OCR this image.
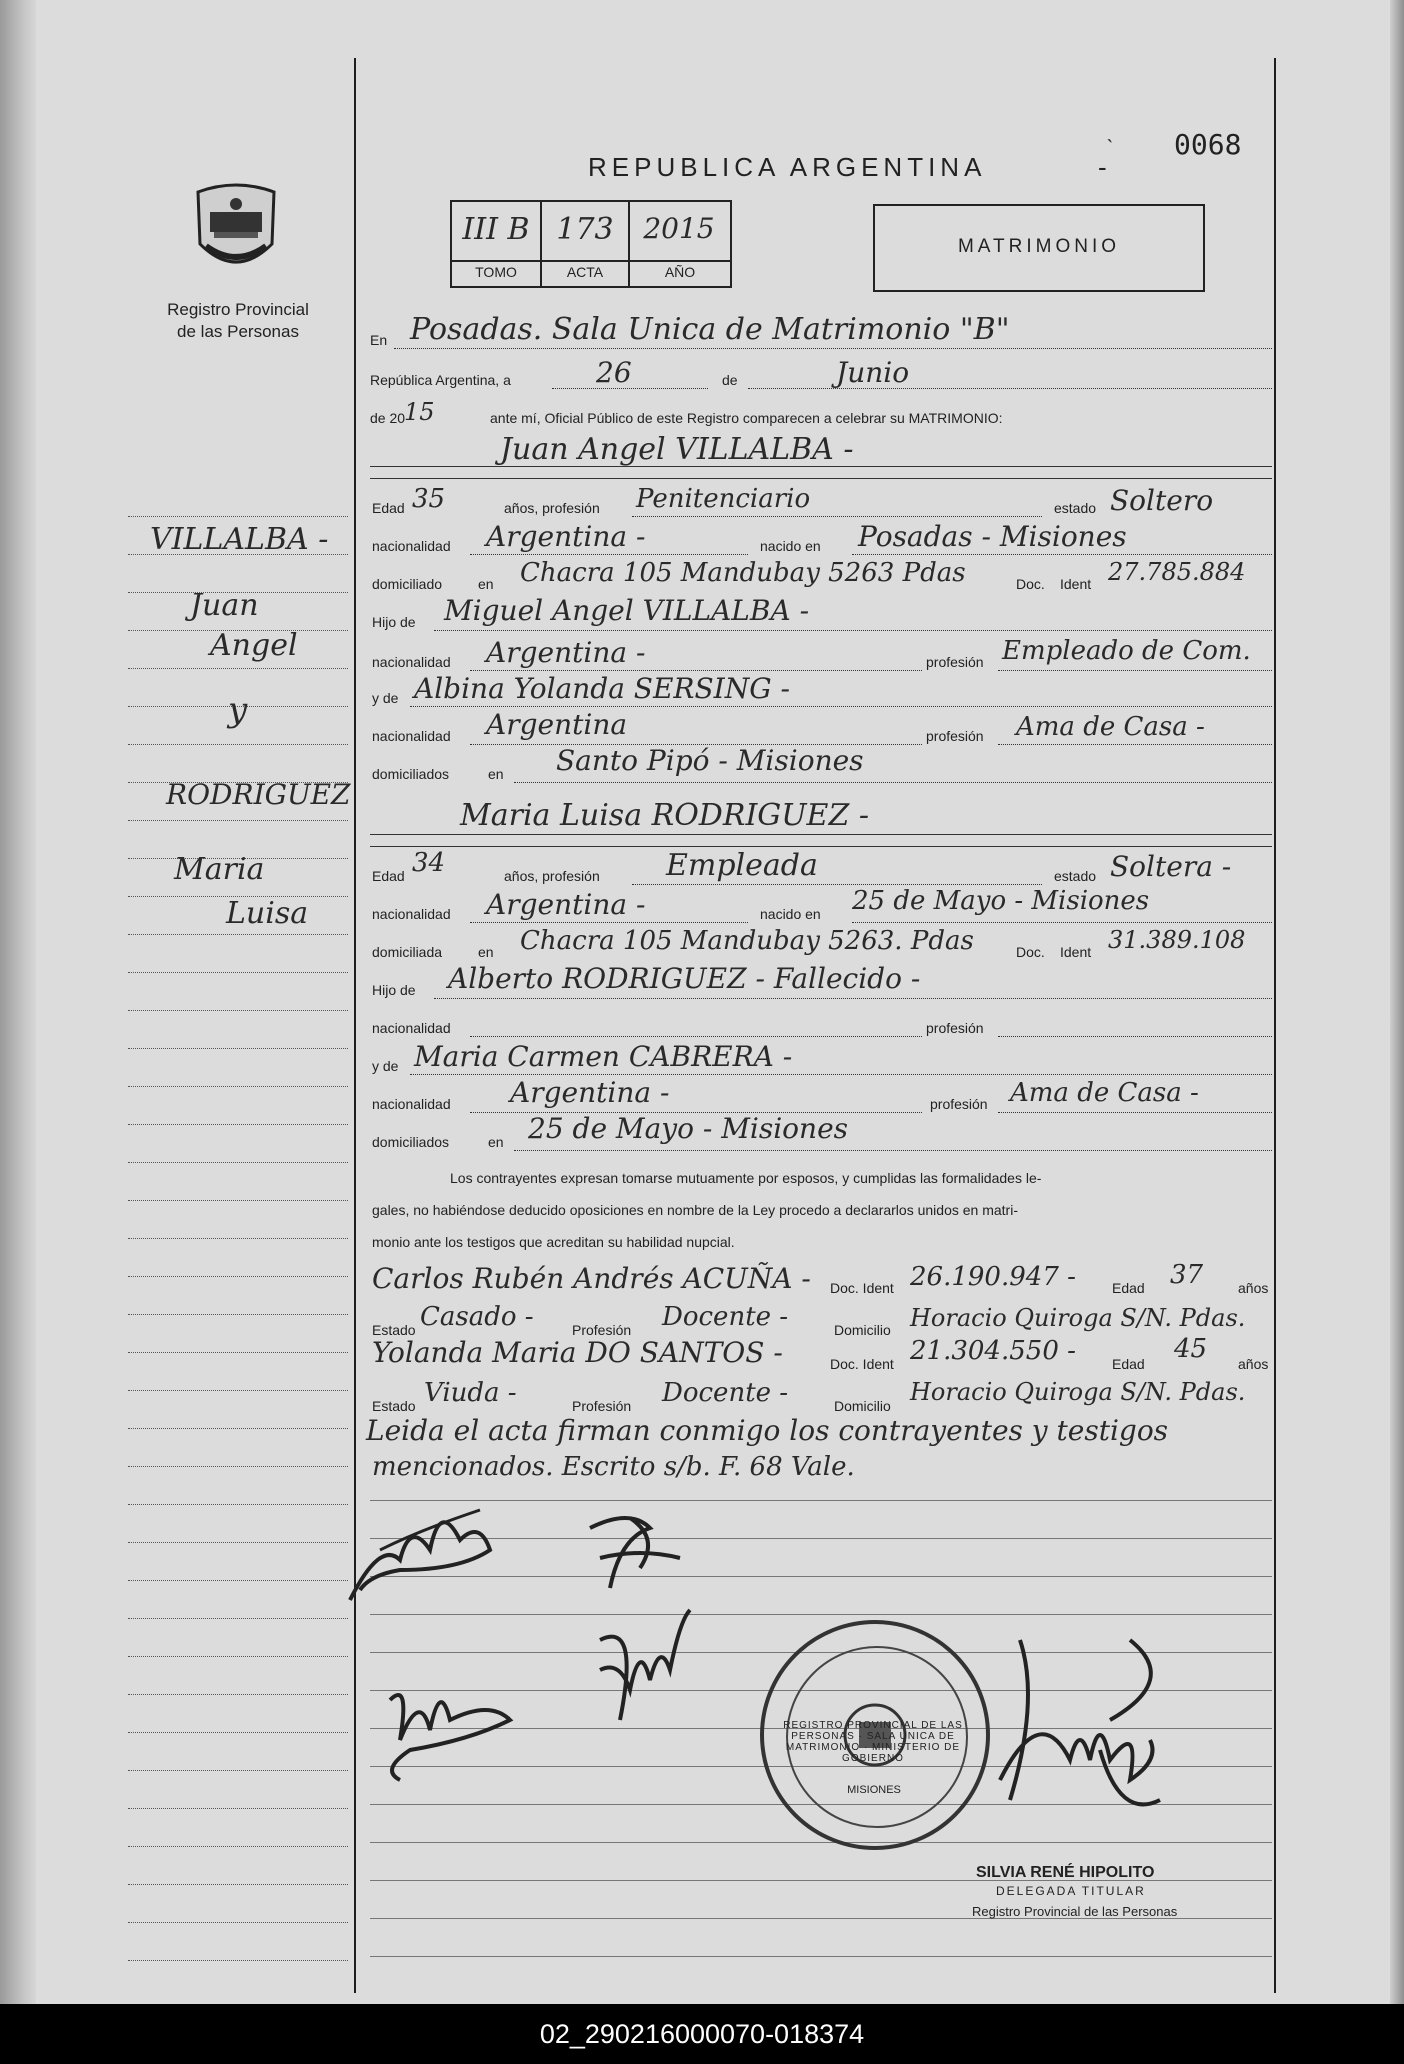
ˎ 0068
Registro Provincial
de las Personas
REPUBLICA ARGENTINA	-
III B 173	2015
TOMO	ACTA	AÑO
MATRIMONIO
VILLALBA -
Juan
Angel
y
RODRIGUEZ
Maria
Luisa
En Posadas. Sala Unica de Matrimonio "B"
República Argentina, a	26	de	Junio
de 20
15	ante mí, Oficial Público de este Registro comparecen a celebrar su MATRIMONIO:
Juan Angel VILLALBA -
Edad 35	años, profesión Penitenciario	estado Soltero
nacionalidad Argentina -	nacido en Posadas - Misiones
domiciliado	en Chacra 105 Mandubay 5263 Pdas	Doc. Ident 27.785.884
Hijo de Miguel Angel VILLALBA -
nacionalidad Argentina -	profesión Empleado de Com.
y de Albina Yolanda SERSING -
nacionalidad Argentina	profesión Ama de Casa -
domiciliados	en Santo Pipó - Misiones
Maria Luisa RODRIGUEZ -
Edad 34	años, profesión Empleada	estado Soltera -
nacionalidad Argentina -	nacido en 25 de Mayo - Misiones
domiciliada	en Chacra 105 Mandubay 5263. Pdas	Doc. Ident 31.389.108
Hijo de Alberto RODRIGUEZ - Fallecido -
nacionalidad	profesión
y de Maria Carmen CABRERA -
nacionalidad Argentina -	profesión Ama de Casa -
domiciliados	en 25 de Mayo - Misiones
Los contrayentes expresan tomarse mutuamente por esposos, y cumplidas las formalidades le-
gales, no habiéndose deducido oposiciones en nombre de la Ley procedo a declararlos unidos en matri-
monio ante los testigos que acreditan su habilidad nupcial.
Carlos Rubén Andrés ACUÑA - Doc. Ident 26.190.947 -	Edad 37 años
Estado Casado -	Profesión Docente -	Domicilio Horacio Quiroga S/N. Pdas.
Yolanda Maria DO SANTOS -	Doc. Ident 21.304.550 -	Edad 45 años
Estado Viuda -	Profesión Docente -	Domicilio Horacio Quiroga S/N. Pdas.
Leida el acta firman conmigo los contrayentes y testigos
mencionados. Escrito s/b. F. 68 Vale.
REGISTRO PROVINCIAL DE LAS PERSONAS · SALA UNICA DE MATRIMONIO · MINISTERIO DE GOBIERNO
MISIONES
SILVIA RENÉ HIPOLITO
DELEGADA TITULAR
Registro Provincial de las Personas
02_290216000070-018374
